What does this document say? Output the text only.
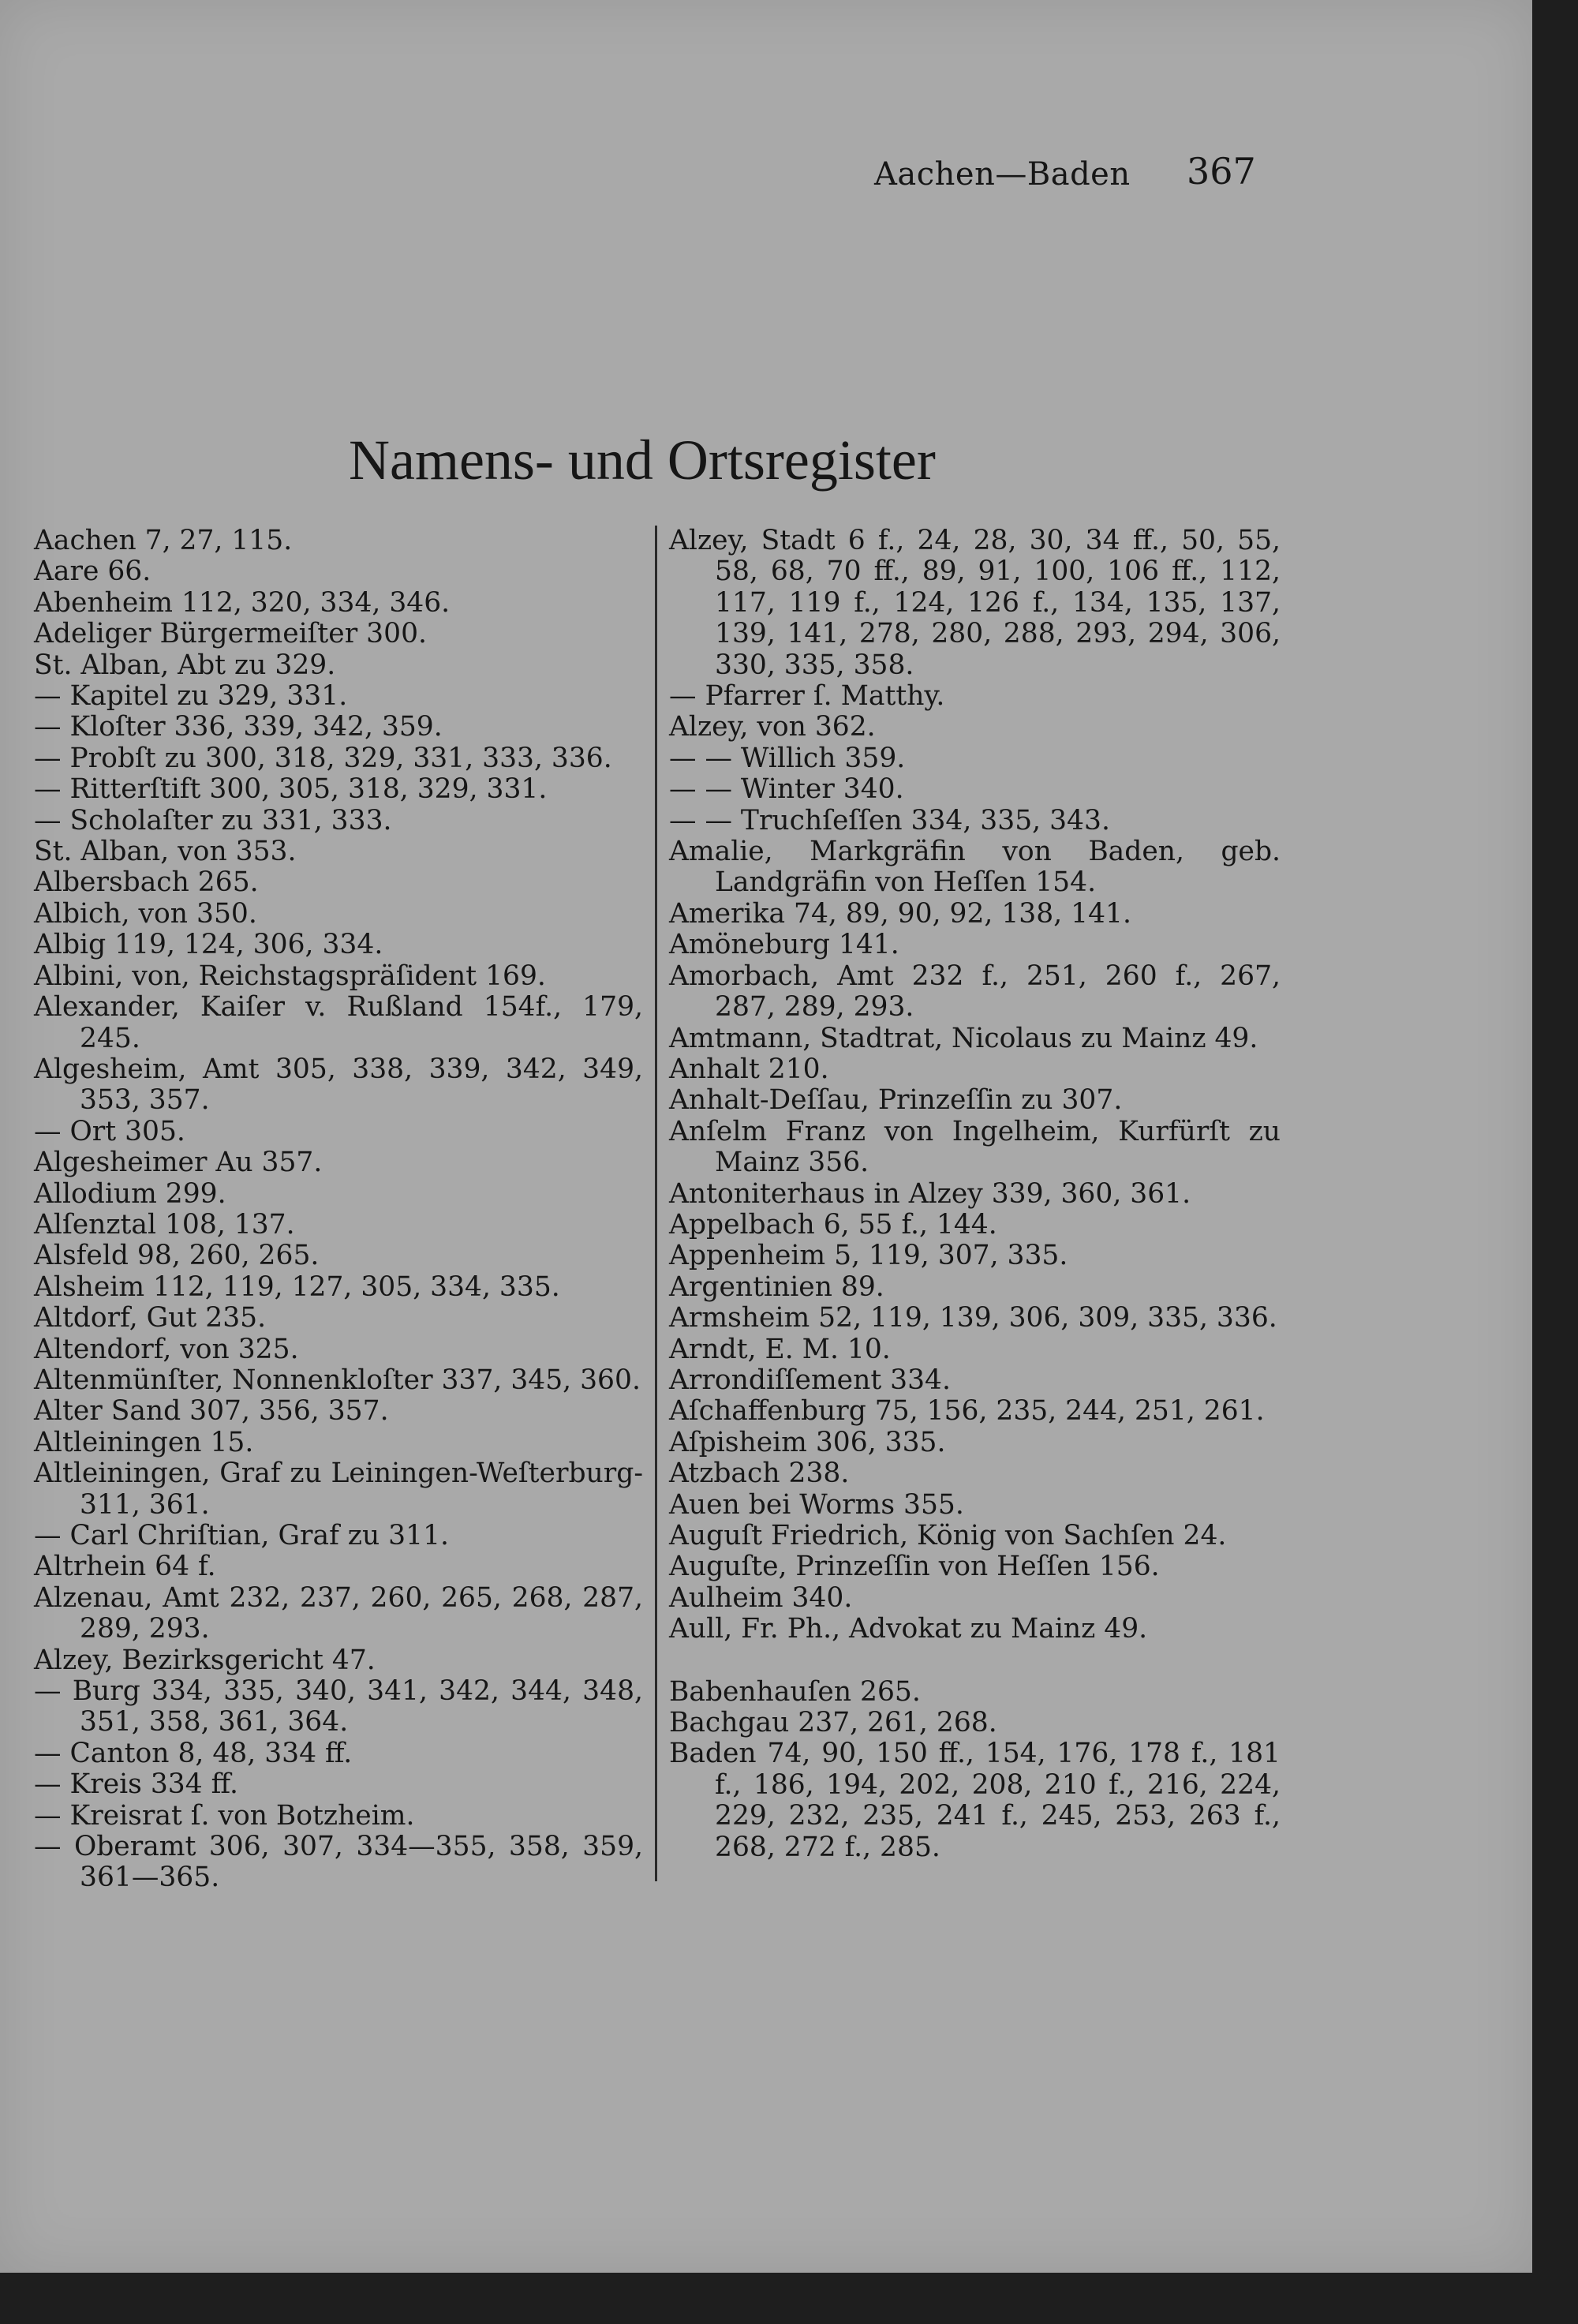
Aachen—Baden 367
Namens- und Ortsregister

Aachen 7, 27, 115.

Aare 66.

Abenheim 112, 320, 334, 346.

Adeliger Bürgermeiſter 300.

St. Alban, Abt zu 329.

— Kapitel zu 329, 331.

— Kloſter 336, 339, 342, 359.

— Probſt zu 300, 318, 329, 331, 333, 336.

— Ritterſtift 300, 305, 318, 329, 331.

— Scholaſter zu 331, 333.

St. Alban, von 353.

Albersbach 265.

Albich, von 350.

Albig 119, 124, 306, 334.

Albini, von, Reichstagspräſident 169.

Alexander, Kaiſer v. Rußland 154f., 179, 245.

Algesheim, Amt 305, 338, 339, 342, 349, 353, 357.

— Ort 305.

Algesheimer Au 357.

Allodium 299.

Alſenztal 108, 137.

Alsfeld 98, 260, 265.

Alsheim 112, 119, 127, 305, 334, 335.

Altdorf, Gut 235.

Altendorf, von 325.

Altenmünſter, Nonnenkloſter 337, 345, 360.

Alter Sand 307, 356, 357.

Altleiningen 15.

Altleiningen, Graf zu Leiningen-Weſterburg- 311, 361.

— Carl Chriſtian, Graf zu 311.

Altrhein 64 f.

Alzenau, Amt 232, 237, 260, 265, 268, 287, 289, 293.

Alzey, Bezirksgericht 47.

— Burg 334, 335, 340, 341, 342, 344, 348, 351, 358, 361, 364.

— Canton 8, 48, 334 ff.

— Kreis 334 ff.

— Kreisrat ſ. von Botzheim.

— Oberamt 306, 307, 334—355, 358, 359, 361—365.

Alzey, Stadt 6 f., 24, 28, 30, 34 ff., 50, 55, 58, 68, 70 ff., 89, 91, 100, 106 ff., 112, 117, 119 f., 124, 126 f., 134, 135, 137, 139, 141, 278, 280, 288, 293, 294, 306, 330, 335, 358.

— Pfarrer ſ. Matthy.

Alzey, von 362.

— — Willich 359.

— — Winter 340.

— — Truchſeſſen 334, 335, 343.

Amalie, Markgräfin von Baden, geb. Landgräfin von Heſſen 154.

Amerika 74, 89, 90, 92, 138, 141.

Amöneburg 141.

Amorbach, Amt 232 f., 251, 260 f., 267, 287, 289, 293.

Amtmann, Stadtrat, Nicolaus zu Mainz 49.

Anhalt 210.

Anhalt-Deſſau, Prinzeſſin zu 307.

Anſelm Franz von Ingelheim, Kurfürſt zu Mainz 356.

Antoniterhaus in Alzey 339, 360, 361.

Appelbach 6, 55 f., 144.

Appenheim 5, 119, 307, 335.

Argentinien 89.

Armsheim 52, 119, 139, 306, 309, 335, 336.

Arndt, E. M. 10.

Arrondiſſement 334.

Aſchaffenburg 75, 156, 235, 244, 251, 261.

Aſpisheim 306, 335.

Atzbach 238.

Auen bei Worms 355.

Auguſt Friedrich, König von Sachſen 24.

Auguſte, Prinzeſſin von Heſſen 156.

Aulheim 340.

Aull, Fr. Ph., Advokat zu Mainz 49.

Babenhauſen 265.

Bachgau 237, 261, 268.

Baden 74, 90, 150 ff., 154, 176, 178 f., 181 f., 186, 194, 202, 208, 210 f., 216, 224, 229, 232, 235, 241 f., 245, 253, 263 f., 268, 272 f., 285.
